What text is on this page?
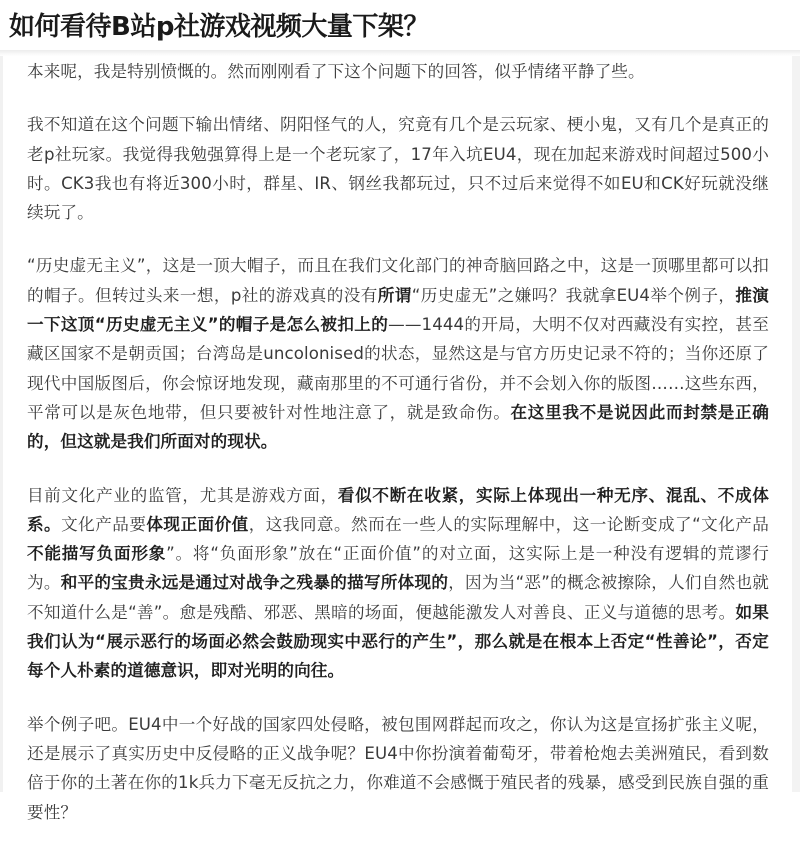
如何看待B站p社游戏视频大量下架？

本来呢，我是特别愤慨的。然而刚刚看了下这个问题下的回答，似乎情绪平静了些。

我不知道在这个问题下输出情绪、阴阳怪气的人，究竟有几个是云玩家、梗小鬼，又有几个是真正的老p社玩家。我觉得我勉强算得上是一个老玩家了，17年入坑EU4，现在加起来游戏时间超过500小时。CK3我也有将近300小时，群星、IR、钢丝我都玩过，只不过后来觉得不如EU和CK好玩就没继续玩了。

“历史虚无主义”，这是一顶大帽子，而且在我们文化部门的神奇脑回路之中，这是一顶哪里都可以扣的帽子。但转过头来一想，p社的游戏真的没有所谓“历史虚无”之嫌吗？我就拿EU4举个例子，推演一下这顶“历史虚无主义”的帽子是怎么被扣上的——1444的开局，大明不仅对西藏没有实控，甚至藏区国家不是朝贡国；台湾岛是uncolonised的状态，显然这是与官方历史记录不符的；当你还原了现代中国版图后，你会惊讶地发现，藏南那里的不可通行省份，并不会划入你的版图……这些东西，平常可以是灰色地带，但只要被针对性地注意了，就是致命伤。在这里我不是说因此而封禁是正确的，但这就是我们所面对的现状。

目前文化产业的监管，尤其是游戏方面，看似不断在收紧，实际上体现出一种无序、混乱、不成体系。文化产品要体现正面价值，这我同意。然而在一些人的实际理解中，这一论断变成了“文化产品不能描写负面形象”。将“负面形象”放在“正面价值”的对立面，这实际上是一种没有逻辑的荒谬行为。和平的宝贵永远是通过对战争之残暴的描写所体现的，因为当“恶”的概念被擦除，人们自然也就不知道什么是“善”。愈是残酷、邪恶、黑暗的场面，便越能激发人对善良、正义与道德的思考。如果我们认为“展示恶行的场面必然会鼓励现实中恶行的产生”，那么就是在根本上否定“性善论”，否定每个人朴素的道德意识，即对光明的向往。

举个例子吧。EU4中一个好战的国家四处侵略，被包围网群起而攻之，你认为这是宣扬扩张主义呢，还是展示了真实历史中反侵略的正义战争呢？EU4中你扮演着葡萄牙，带着枪炮去美洲殖民，看到数倍于你的土著在你的1k兵力下毫无反抗之力，你难道不会感慨于殖民者的残暴，感受到民族自强的重要性？
